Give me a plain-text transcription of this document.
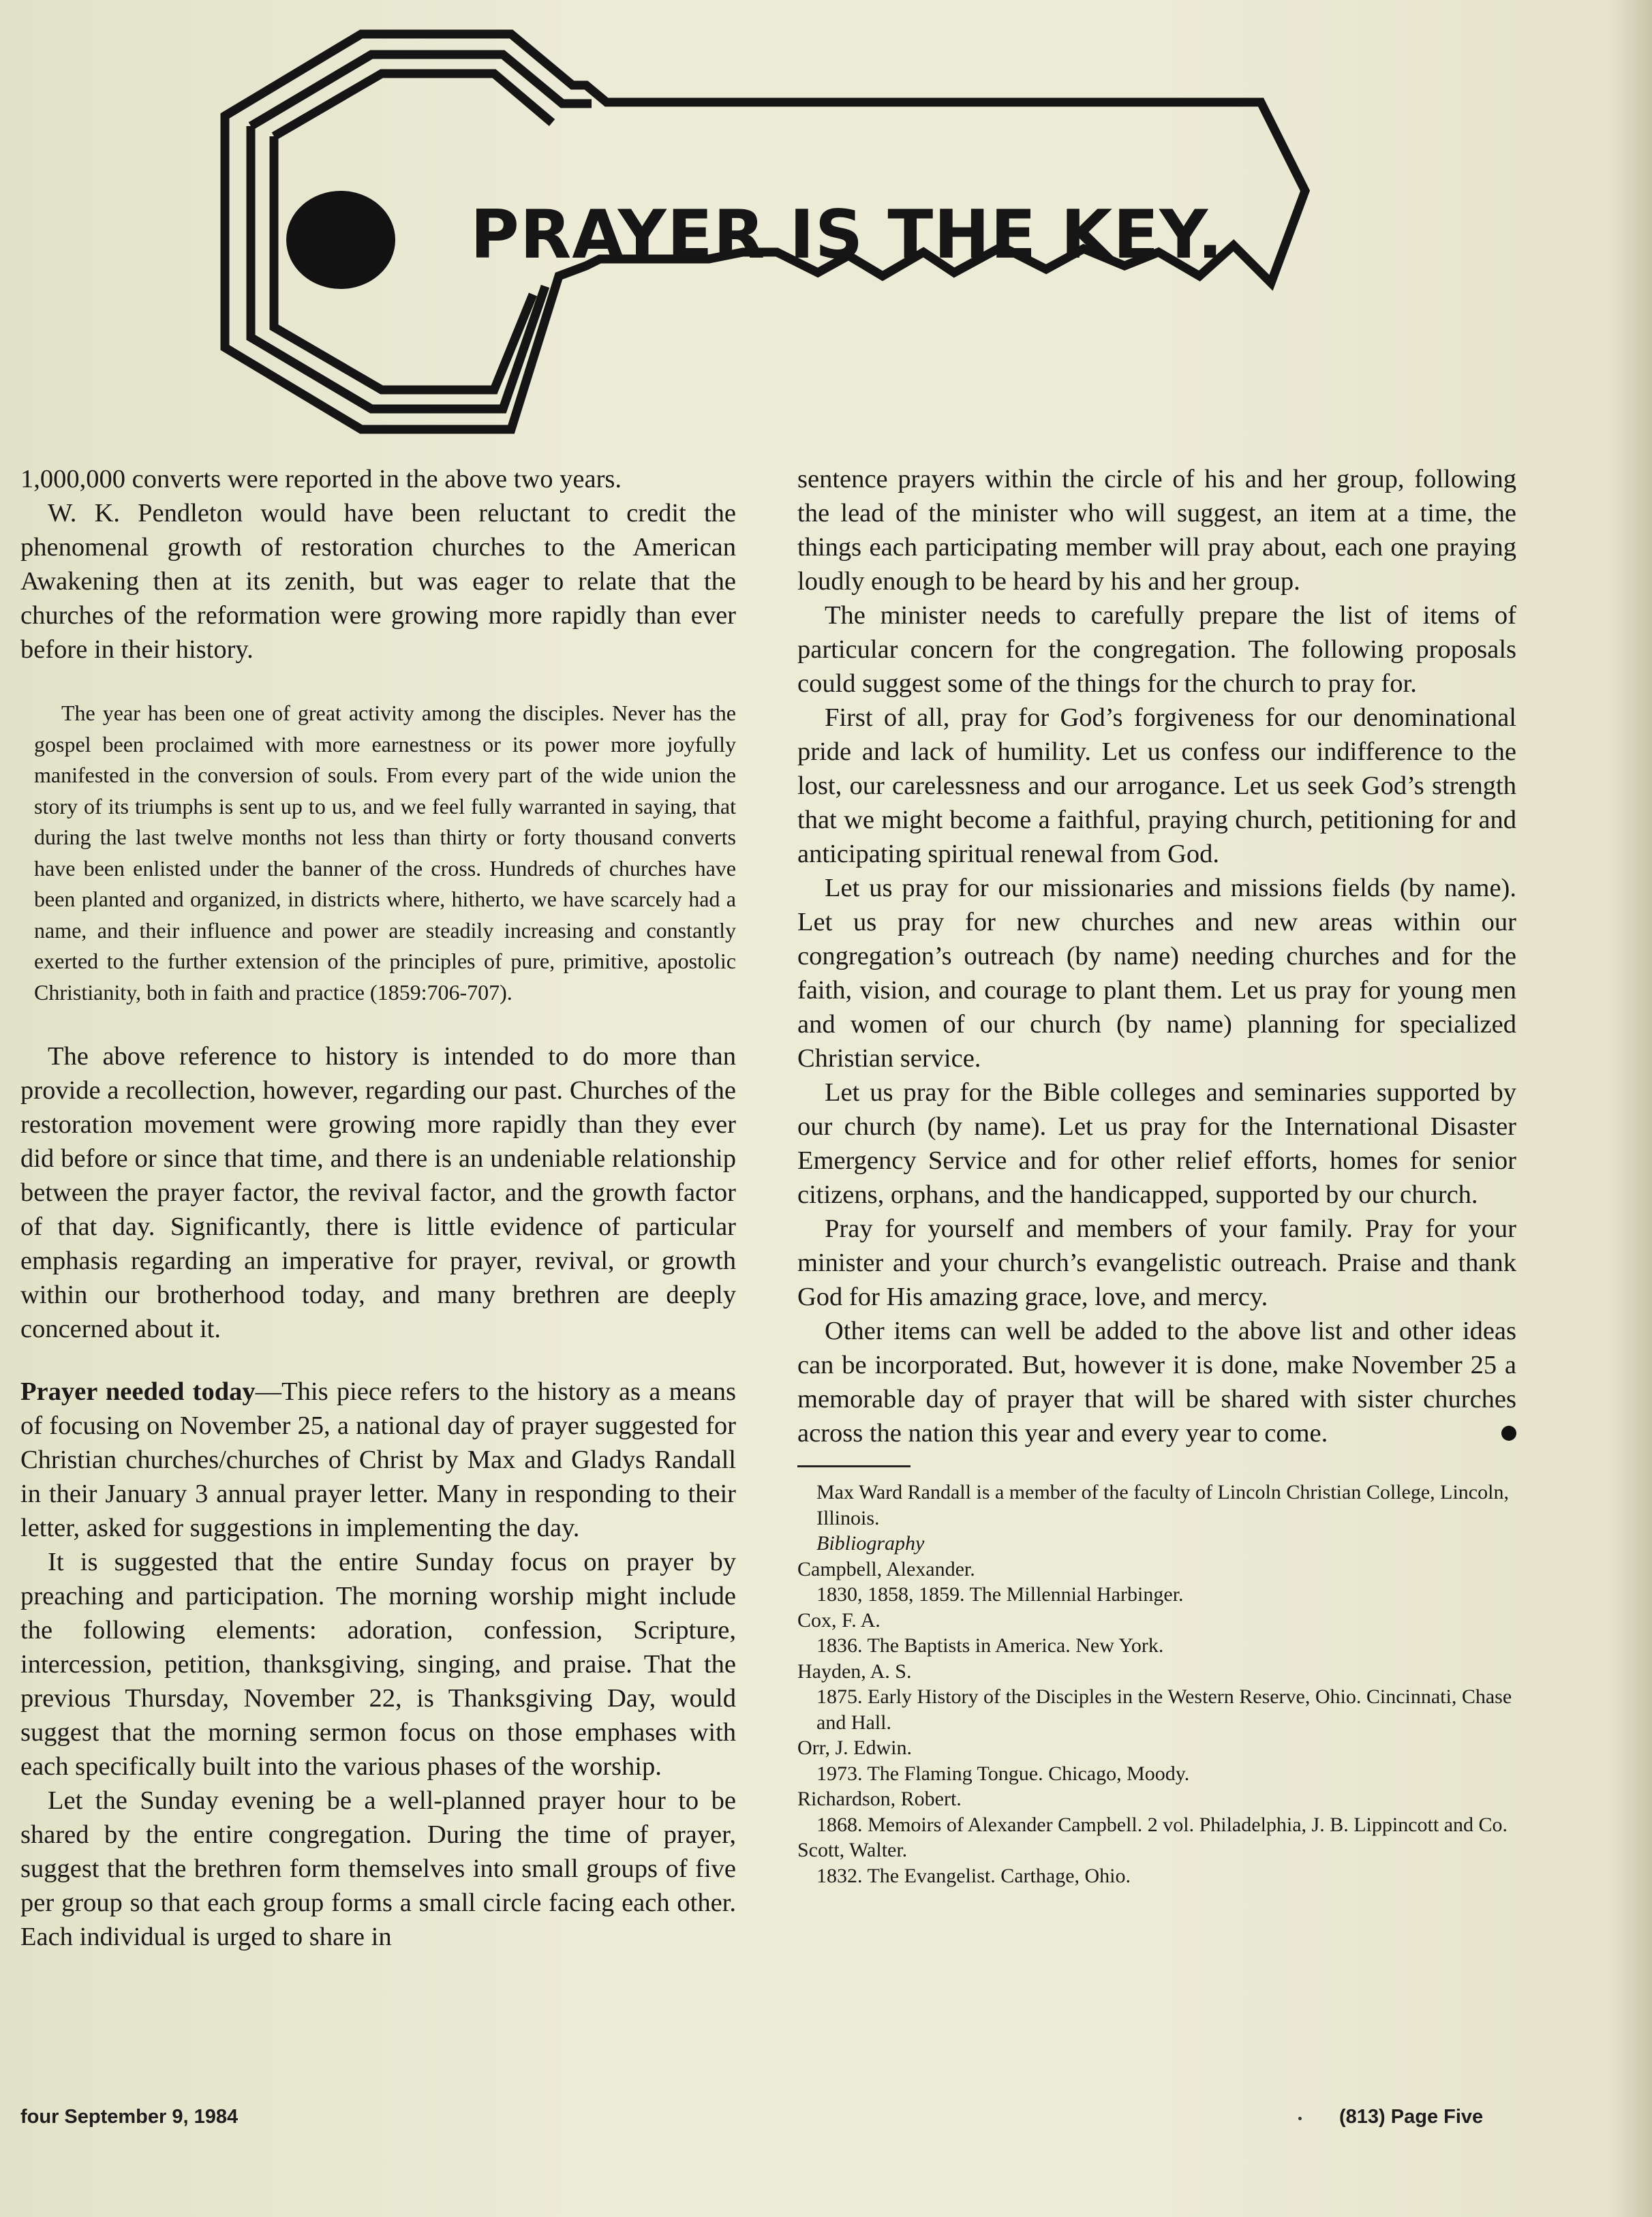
PRAYER IS THE KEY.

1,000,000 converts were reported in the above two years.

W. K. Pendleton would have been reluctant to credit the phenomenal growth of restoration churches to the American Awakening then at its zenith, but was eager to relate that the churches of the reformation were growing more rapidly than ever before in their history.

The year has been one of great activity among the disciples. Never has the gospel been proclaimed with more earnestness or its power more joyfully manifested in the conversion of souls. From every part of the wide union the story of its triumphs is sent up to us, and we feel fully warranted in saying, that during the last twelve months not less than thirty or forty thousand converts have been enlisted under the banner of the cross. Hundreds of churches have been planted and organized, in districts where, hitherto, we have scarcely had a name, and their influence and power are steadily increasing and constantly exerted to the further extension of the principles of pure, primitive, apostolic Christianity, both in faith and practice (1859:706-707).

The above reference to history is intended to do more than provide a recollection, however, regarding our past. Churches of the restoration movement were growing more rapidly than they ever did before or since that time, and there is an undeniable relationship between the prayer factor, the revival factor, and the growth factor of that day. Significantly, there is little evidence of particular emphasis regarding an imperative for prayer, revival, or growth within our brotherhood today, and many brethren are deeply concerned about it.

Prayer needed today—This piece refers to the history as a means of focusing on November 25, a national day of prayer suggested for Christian churches/churches of Christ by Max and Gladys Randall in their January 3 annual prayer letter. Many in responding to their letter, asked for suggestions in implementing the day.

It is suggested that the entire Sunday focus on prayer by preaching and participation. The morning worship might include the following elements: adoration, confession, Scripture, intercession, petition, thanksgiving, singing, and praise. That the previous Thursday, November 22, is Thanksgiving Day, would suggest that the morning sermon focus on those emphases with each specifically built into the various phases of the worship.

Let the Sunday evening be a well-planned prayer hour to be shared by the entire congregation. During the time of prayer, suggest that the brethren form themselves into small groups of five per group so that each group forms a small circle facing each other. Each individual is urged to share in

sentence prayers within the circle of his and her group, following the lead of the minister who will suggest, an item at a time, the things each participating member will pray about, each one praying loudly enough to be heard by his and her group.

The minister needs to carefully prepare the list of items of particular concern for the congregation. The following proposals could suggest some of the things for the church to pray for.

First of all, pray for God’s forgiveness for our denominational pride and lack of humility. Let us confess our indifference to the lost, our carelessness and our arrogance. Let us seek God’s strength that we might become a faithful, praying church, petitioning for and anticipating spiritual renewal from God.

Let us pray for our missionaries and missions fields (by name). Let us pray for new churches and new areas within our congregation’s outreach (by name) needing churches and for the faith, vision, and courage to plant them. Let us pray for young men and women of our church (by name) planning for specialized Christian service.

Let us pray for the Bible colleges and seminaries supported by our church (by name). Let us pray for the International Disaster Emergency Service and for other relief efforts, homes for senior citizens, orphans, and the handicapped, supported by our church.

Pray for yourself and members of your family. Pray for your minister and your church’s evangelistic outreach. Praise and thank God for His amazing grace, love, and mercy.

Other items can well be added to the above list and other ideas can be incorporated. But, however it is done, make November 25 a memorable day of prayer that will be shared with sister churches across the nation this year and every year to come.

Max Ward Randall is a member of the faculty of Lincoln Christian College, Lincoln, Illinois.
Bibliography
Campbell, Alexander.
1830, 1858, 1859. The Millennial Harbinger.
Cox, F. A.
1836. The Baptists in America. New York.
Hayden, A. S.
1875. Early History of the Disciples in the Western Reserve, Ohio. Cincinnati, Chase and Hall.
Orr, J. Edwin.
1973. The Flaming Tongue. Chicago, Moody.
Richardson, Robert.
1868. Memoirs of Alexander Campbell. 2 vol. Philadelphia, J. B. Lippincott and Co.
Scott, Walter.
1832. The Evangelist. Carthage, Ohio.
four September 9, 1984	(813) Page Five
